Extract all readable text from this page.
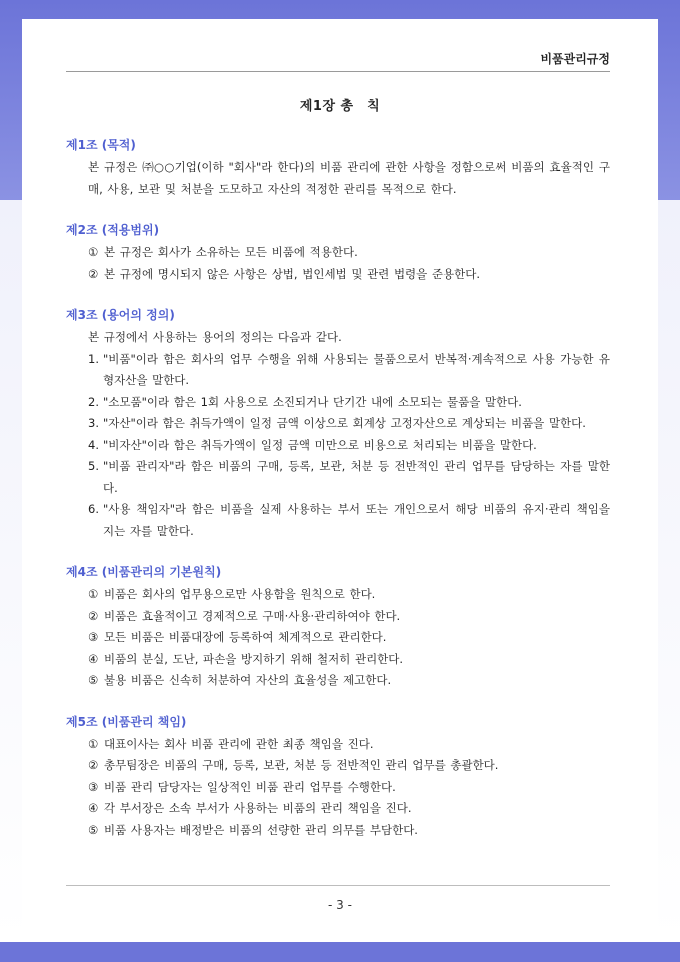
비품관리규정
제1장 총　칙
제1조 (목적)
본 규정은 ㈜○○기업(이하 "회사"라 한다)의 비품 관리에 관한 사항을 정함으로써 비품의 효율적인 구매, 사용, 보관 및 처분을 도모하고 자산의 적정한 관리를 목적으로 한다.
제2조 (적용범위)
① 본 규정은 회사가 소유하는 모든 비품에 적용한다.
② 본 규정에 명시되지 않은 사항은 상법, 법인세법 및 관련 법령을 준용한다.
제3조 (용어의 정의)
본 규정에서 사용하는 용어의 정의는 다음과 같다.
1. "비품"이라 함은 회사의 업무 수행을 위해 사용되는 물품으로서 반복적·계속적으로 사용 가능한 유형자산을 말한다.
2. "소모품"이라 함은 1회 사용으로 소진되거나 단기간 내에 소모되는 물품을 말한다.
3. "자산"이라 함은 취득가액이 일정 금액 이상으로 회계상 고정자산으로 계상되는 비품을 말한다.
4. "비자산"이라 함은 취득가액이 일정 금액 미만으로 비용으로 처리되는 비품을 말한다.
5. "비품 관리자"라 함은 비품의 구매, 등록, 보관, 처분 등 전반적인 관리 업무를 담당하는 자를 말한다.
6. "사용 책임자"라 함은 비품을 실제 사용하는 부서 또는 개인으로서 해당 비품의 유지·관리 책임을 지는 자를 말한다.
제4조 (비품관리의 기본원칙)
① 비품은 회사의 업무용으로만 사용함을 원칙으로 한다.
② 비품은 효율적이고 경제적으로 구매·사용·관리하여야 한다.
③ 모든 비품은 비품대장에 등록하여 체계적으로 관리한다.
④ 비품의 분실, 도난, 파손을 방지하기 위해 철저히 관리한다.
⑤ 불용 비품은 신속히 처분하여 자산의 효율성을 제고한다.
제5조 (비품관리 책임)
① 대표이사는 회사 비품 관리에 관한 최종 책임을 진다.
② 총무팀장은 비품의 구매, 등록, 보관, 처분 등 전반적인 관리 업무를 총괄한다.
③ 비품 관리 담당자는 일상적인 비품 관리 업무를 수행한다.
④ 각 부서장은 소속 부서가 사용하는 비품의 관리 책임을 진다.
⑤ 비품 사용자는 배정받은 비품의 선량한 관리 의무를 부담한다.
- 3 -
